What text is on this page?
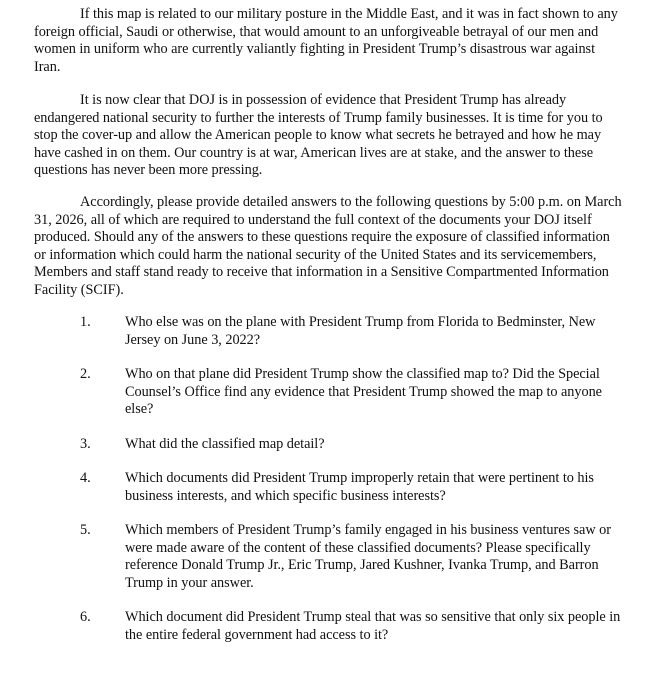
If this map is related to our military posture in the Middle East, and it was in fact shown to any foreign official, Saudi or otherwise, that would amount to an unforgiveable betrayal of our men and women in uniform who are currently valiantly fighting in President Trump’s disastrous war against Iran.

It is now clear that DOJ is in possession of evidence that President Trump has already endangered national security to further the interests of Trump family businesses. It is time for you to stop the cover-up and allow the American people to know what secrets he betrayed and how he may have cashed in on them. Our country is at war, American lives are at stake, and the answer to these questions has never been more pressing.

Accordingly, please provide detailed answers to the following questions by 5:00 p.m. on March 31, 2026, all of which are required to understand the full context of the documents your DOJ itself produced. Should any of the answers to these questions require the exposure of classified information or information which could harm the national security of the United States and its servicemembers, Members and staff stand ready to receive that information in a Sensitive Compartmented Information Facility (SCIF).

1. Who else was on the plane with President Trump from Florida to Bedminster, New Jersey on June 3, 2022?

2. Who on that plane did President Trump show the classified map to? Did the Special Counsel’s Office find any evidence that President Trump showed the map to anyone else?

3. What did the classified map detail?

4. Which documents did President Trump improperly retain that were pertinent to his business interests, and which specific business interests?

5. Which members of President Trump’s family engaged in his business ventures saw or were made aware of the content of these classified documents? Please specifically reference Donald Trump Jr., Eric Trump, Jared Kushner, Ivanka Trump, and Barron Trump in your answer.

6. Which document did President Trump steal that was so sensitive that only six people in the entire federal government had access to it?
